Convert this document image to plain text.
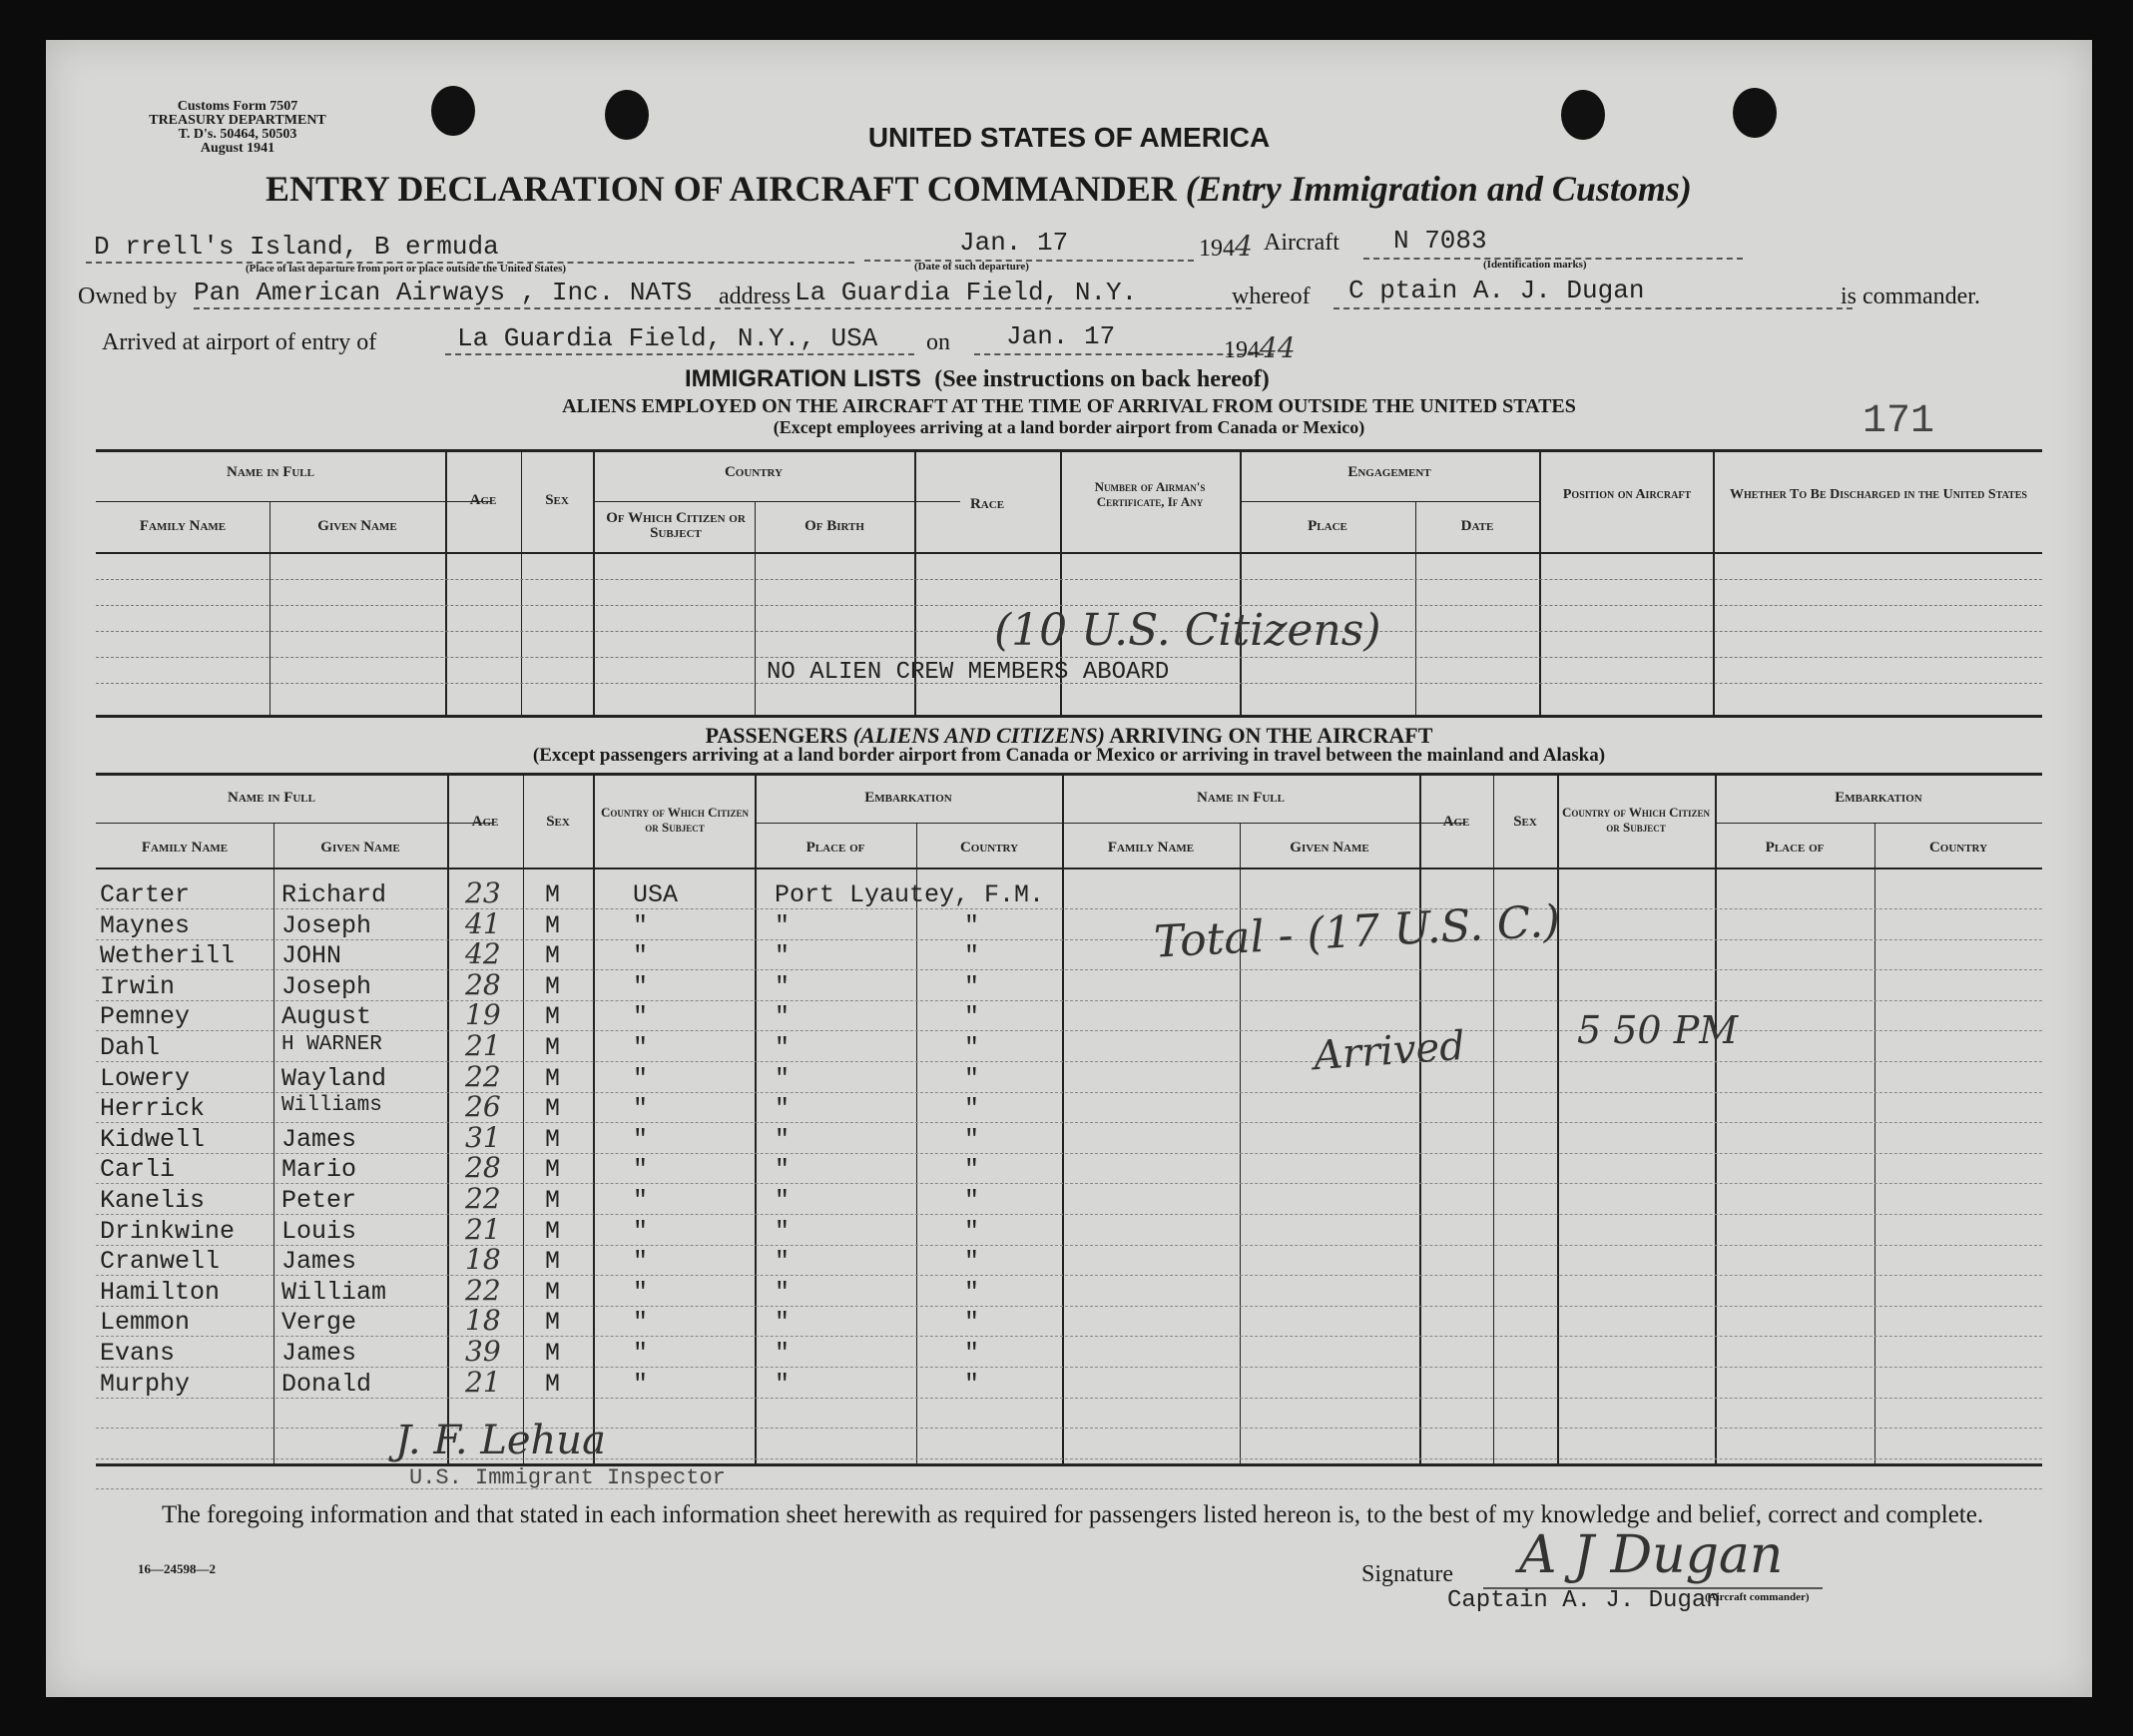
Customs Form 7507
TREASURY DEPARTMENT
T. D's. 50464, 50503
August 1941	UNITED STATES OF AMERICA
ENTRY DECLARATION OF AIRCRAFT COMMANDER (Entry Immigration and Customs)
D rrell's Island, B ermuda
(Place of last departure from port or place outside the United States)
Jan. 17
(Date of such departure)
1944 Aircraft N 7083
(Identification marks)
Owned by Pan American Airways , Inc. NATS address La Guardia Field, N.Y.	whereof C ptain A. J. Dugan	is commander.
Arrived at airport of entry of	La Guardia Field, N.Y., USA on Jan. 17	19444
IMMIGRATION LISTS (See instructions on back hereof)
ALIENS EMPLOYED ON THE AIRCRAFT AT THE TIME OF ARRIVAL FROM OUTSIDE THE UNITED STATES
(Except employees arriving at a land border airport from Canada or Mexico)	171
Name in Full
Family Name	Given Name
Age	Sex
Country
Of Which Citizen or Subject	Of Birth
Race
Number of Airman's Certificate, If Any
Engagement
Place	Date
Position on Aircraft	Whether To Be Discharged in the United States
(10 U.S. Citizens)
NO ALIEN CREW MEMBERS ABOARD
PASSENGERS (ALIENS AND CITIZENS) ARRIVING ON THE AIRCRAFT
(Except passengers arriving at a land border airport from Canada or Mexico or arriving in travel between the mainland and Alaska)
Name in Full
Family Name	Given Name
Age	Sex
Country of Which Citizen or Subject
Embarkation
Place of	Country
Name in Full
Family Name	Given Name
Age	Sex
Country of Which Citizen or Subject
Embarkation
Place of	Country
Carter	Richard	23 M	USA	Port Lyautey, F.M.
Maynes	Joseph	41 M	"	"	"
Wetherill JOHN	42 M	"	"	"
Irwin	Joseph	28 M	"	"	"
Pemney	August	19 M	"	"	"
Dahl	H WARNER	21 M	"	"	"
Lowery	Wayland	22 M	"	"	"
Herrick	Williams	26 M	"	"	"
Kidwell	James	31 M	"	"	"
Carli	Mario	28 M	"	"	"
Kanelis	Peter	22 M	"	"	"
Drinkwine Louis	21 M	"	"	"
Cranwell James	18 M	"	"	"
Hamilton William	22 M	"	"	"
Lemmon	Verge	18 M	"	"	"
Evans	James	39 M	"	"	"
Murphy	Donald	21 M	"	"	"
Total - (17 U.S. C.)
Arrived	5 50 PM
J. F. Lehua
U.S. Immigrant Inspector
The foregoing information and that stated in each information sheet herewith as required for passengers listed hereon is, to the best of my knowledge and belief, correct and complete.
16—24598—2	Signature A J Dugan
Captain A. J. Dugan
(Aircraft commander)
